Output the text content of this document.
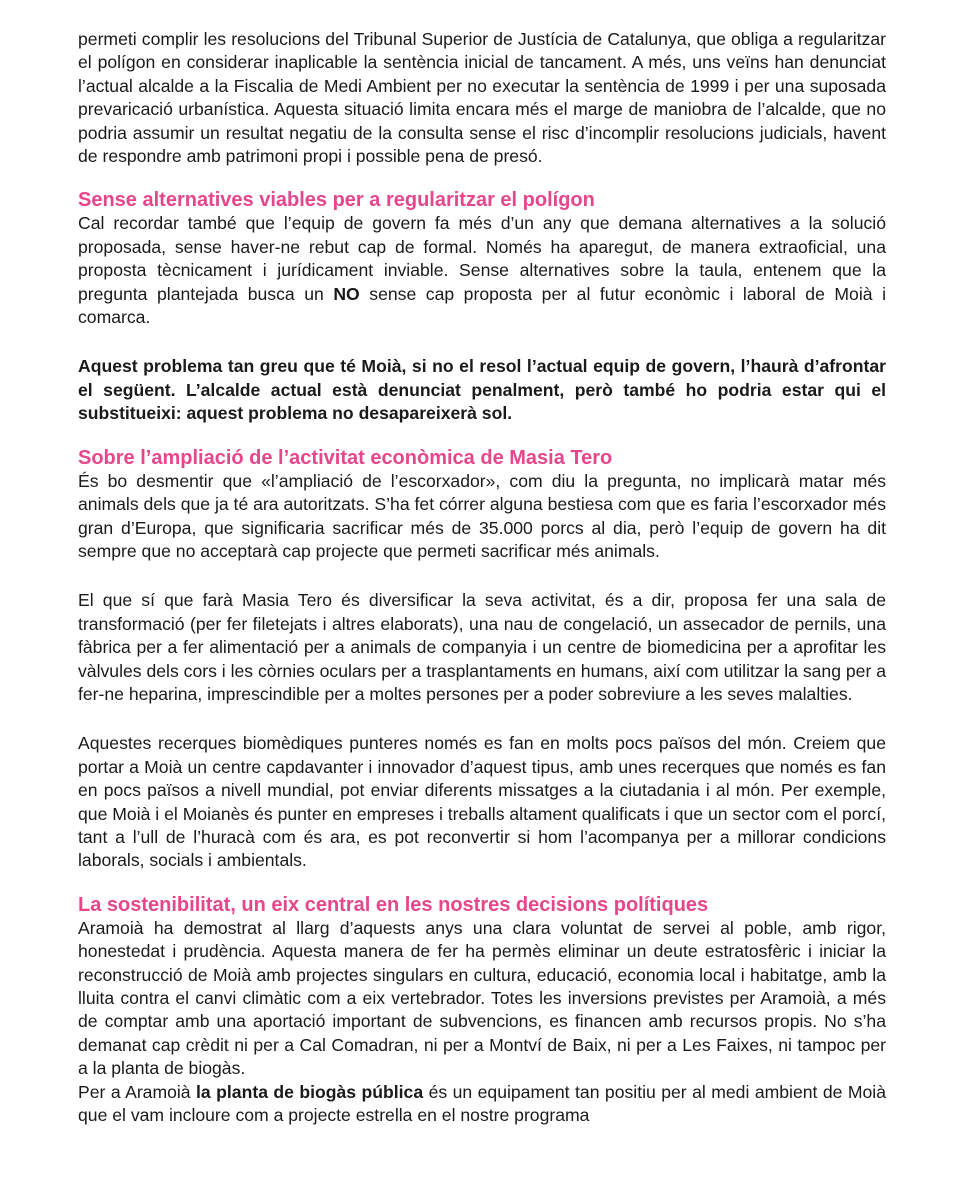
permeti complir les resolucions del Tribunal Superior de Justícia de Catalunya, que obliga a regularitzar el polígon en considerar inaplicable la sentència inicial de tancament. A més, uns veïns han denunciat l’actual alcalde a la Fiscalia de Medi Ambient per no executar la sentència de 1999 i per una suposada prevaricació urbanística. Aquesta situació limita encara més el marge de maniobra de l’alcalde, que no podria assumir un resultat negatiu de la consulta sense el risc d’incomplir resolucions judicials, havent de respondre amb patrimoni propi i possible pena de presó.

Sense alternatives viables per a regularitzar el polígon

Cal recordar també que l’equip de govern fa més d’un any que demana alternatives a la solució proposada, sense haver-ne rebut cap de formal. Només ha aparegut, de manera extraoficial, una proposta tècnicament i jurídicament inviable. Sense alternatives sobre la taula, entenem que la pregunta plantejada busca un NO sense cap proposta per al futur econòmic i laboral de Moià i comarca.

Aquest problema tan greu que té Moià, si no el resol l’actual equip de govern, l’haurà d’afrontar el següent. L’alcalde actual està denunciat penalment, però també ho podria estar qui el substitueixi: aquest problema no desapareixerà sol.

Sobre l’ampliació de l’activitat econòmica de Masia Tero

És bo desmentir que «l’ampliació de l’escorxador», com diu la pregunta, no implicarà matar més animals dels que ja té ara autoritzats. S’ha fet córrer alguna bestiesa com que es faria l’escorxador més gran d’Europa, que significaria sacrificar més de 35.000 porcs al dia, però l’equip de govern ha dit sempre que no acceptarà cap projecte que permeti sacrificar més animals.

El que sí que farà Masia Tero és diversificar la seva activitat, és a dir, proposa fer una sala de transformació (per fer filetejats i altres elaborats), una nau de congelació, un assecador de pernils, una fàbrica per a fer alimentació per a animals de companyia i un centre de biomedicina per a aprofitar les vàlvules dels cors i les còrnies oculars per a trasplantaments en humans, així com utilitzar la sang per a fer-ne heparina, imprescindible per a moltes persones per a poder sobreviure a les seves malalties.

Aquestes recerques biomèdiques punteres només es fan en molts pocs països del món. Creiem que portar a Moià un centre capdavanter i innovador d’aquest tipus, amb unes recerques que només es fan en pocs països a nivell mundial, pot enviar diferents missatges a la ciutadania i al món. Per exemple, que Moià i el Moianès és punter en empreses i treballs altament qualificats i que un sector com el porcí, tant a l’ull de l’huracà com és ara, es pot reconvertir si hom l’acompanya per a millorar condicions laborals, socials i ambientals.

La sostenibilitat, un eix central en les nostres decisions polítiques

Aramoià ha demostrat al llarg d’aquests anys una clara voluntat de servei al poble, amb rigor, honestedat i prudència. Aquesta manera de fer ha permès eliminar un deute estratosfèric i iniciar la reconstrucció de Moià amb projectes singulars en cultura, educació, economia local i habitatge, amb la lluita contra el canvi climàtic com a eix vertebrador. Totes les inversions previstes per Aramoià, a més de comptar amb una aportació important de subvencions, es financen amb recursos propis. No s’ha demanat cap crèdit ni per a Cal Comadran, ni per a Montví de Baix, ni per a Les Faixes, ni tampoc per a la planta de biogàs.

Per a Aramoià la planta de biogàs pública és un equipament tan positiu per al medi ambient de Moià que el vam incloure com a projecte estrella en el nostre programa
